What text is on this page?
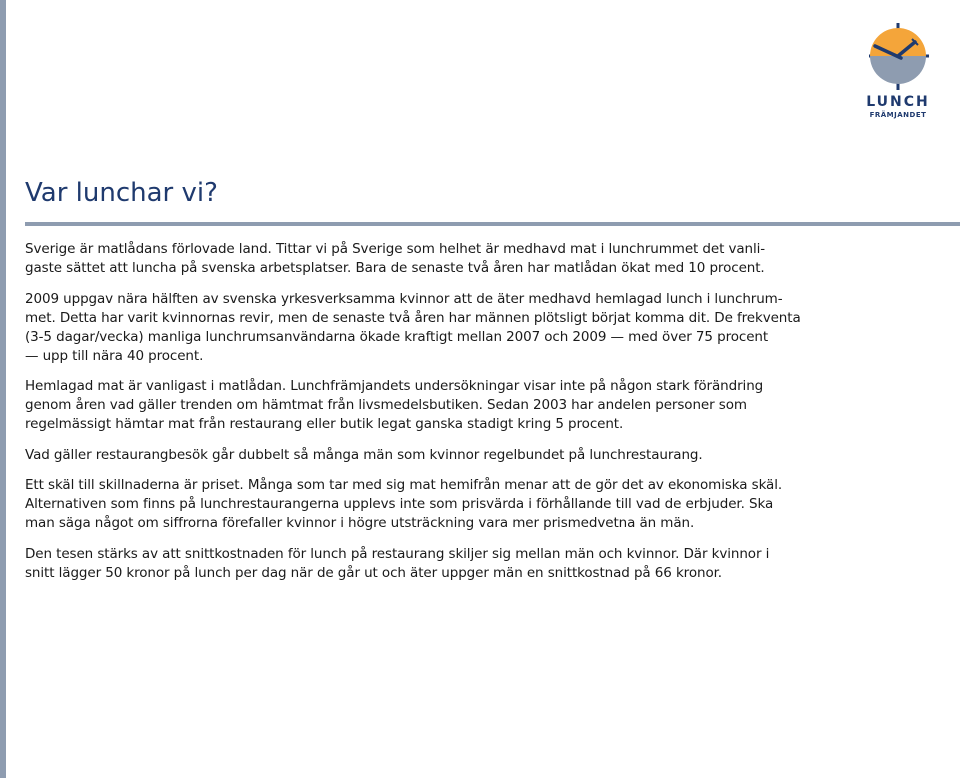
LUNCH
FRÄMJANDET
Var lunchar vi?

Sverige är matlådans förlovade land. Tittar vi på Sverige som helhet är medhavd mat i lunchrummet det vanli-
gaste sättet att luncha på svenska arbetsplatser. Bara de senaste två åren har matlådan ökat med 10 procent.

2009 uppgav nära hälften av svenska yrkesverksamma kvinnor att de äter medhavd hemlagad lunch i lunchrum-
met. Detta har varit kvinnornas revir, men de senaste två åren har männen plötsligt börjat komma dit. De frekventa
(3-5 dagar/vecka) manliga lunchrumsanvändarna ökade kraftigt mellan 2007 och 2009 — med över 75 procent
— upp till nära 40 procent.

Hemlagad mat är vanligast i matlådan. Lunchfrämjandets undersökningar visar inte på någon stark förändring
genom åren vad gäller trenden om hämtmat från livsmedelsbutiken. Sedan 2003 har andelen personer som
regelmässigt hämtar mat från restaurang eller butik legat ganska stadigt kring 5 procent.

Vad gäller restaurangbesök går dubbelt så många män som kvinnor regelbundet på lunchrestaurang.

Ett skäl till skillnaderna är priset. Många som tar med sig mat hemifrån menar att de gör det av ekonomiska skäl.
Alternativen som finns på lunchrestaurangerna upplevs inte som prisvärda i förhållande till vad de erbjuder. Ska
man säga något om siffrorna förefaller kvinnor i högre utsträckning vara mer prismedvetna än män.

Den tesen stärks av att snittkostnaden för lunch på restaurang skiljer sig mellan män och kvinnor. Där kvinnor i
snitt lägger 50 kronor på lunch per dag när de går ut och äter uppger män en snittkostnad på 66 kronor.
